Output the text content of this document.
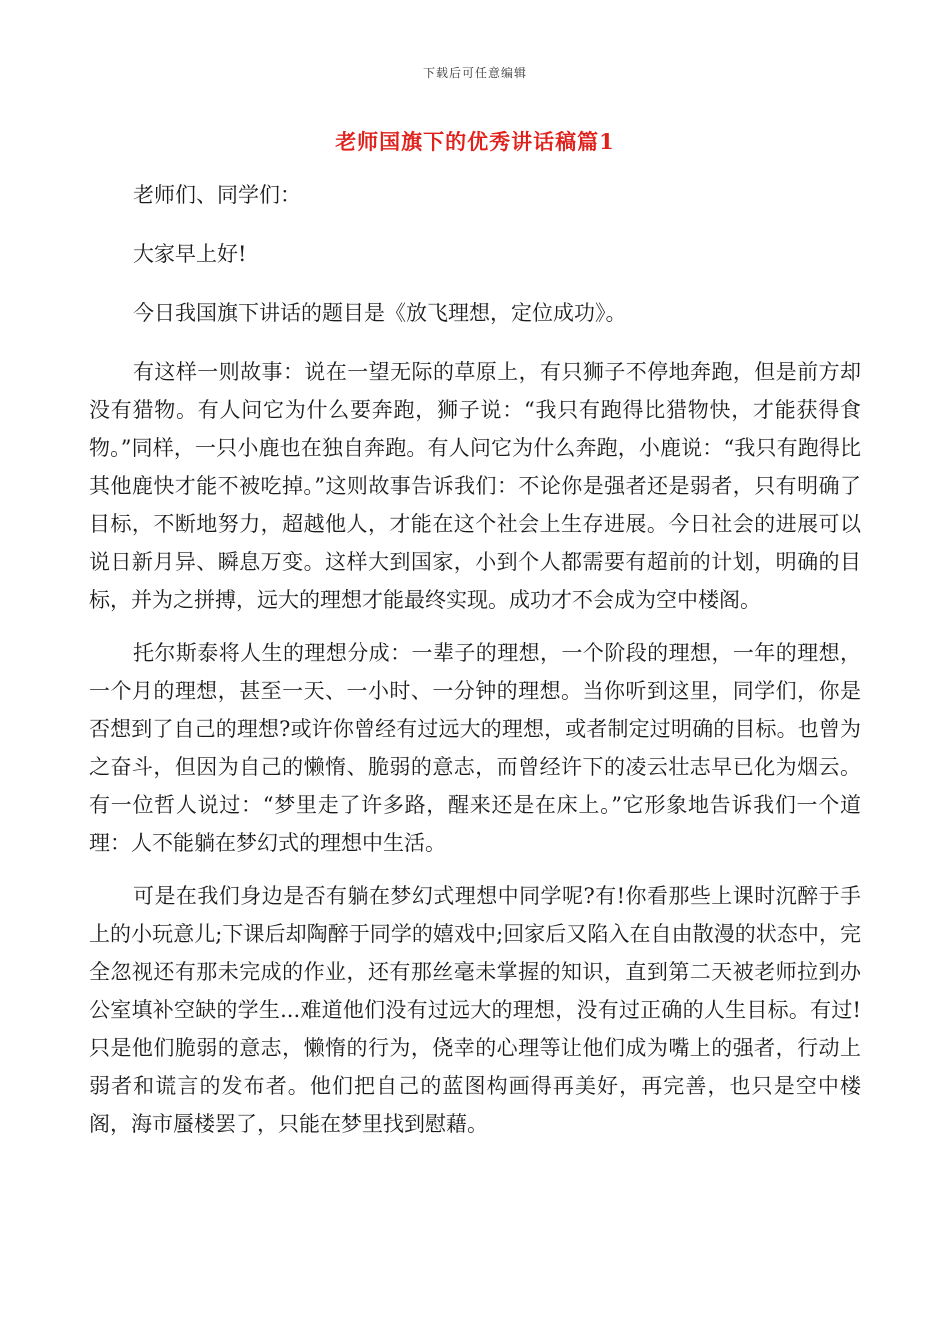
下载后可任意编辑
老师国旗下的优秀讲话稿篇1

老师们、同学们：

大家早上好!

今日我国旗下讲话的题目是《放飞理想，定位成功》。

有这样一则故事：说在一望无际的草原上，有只狮子不停地奔跑，但是前方却没有猎物。有人问它为什么要奔跑，狮子说：“我只有跑得比猎物快，才能获得食物。”同样，一只小鹿也在独自奔跑。有人问它为什么奔跑，小鹿说：“我只有跑得比其他鹿快才能不被吃掉。”这则故事告诉我们：不论你是强者还是弱者，只有明确了目标，不断地努力，超越他人，才能在这个社会上生存进展。今日社会的进展可以说日新月异、瞬息万变。这样大到国家，小到个人都需要有超前的计划，明确的目标，并为之拼搏，远大的理想才能最终实现。成功才不会成为空中楼阁。

托尔斯泰将人生的理想分成：一辈子的理想，一个阶段的理想，一年的理想，一个月的理想，甚至一天、一小时、一分钟的理想。当你听到这里，同学们，你是否想到了自己的理想?或许你曾经有过远大的理想，或者制定过明确的目标。也曾为之奋斗，但因为自己的懒惰、脆弱的意志，而曾经许下的凌云壮志早已化为烟云。有一位哲人说过：“梦里走了许多路，醒来还是在床上。”它形象地告诉我们一个道理：人不能躺在梦幻式的理想中生活。

可是在我们身边是否有躺在梦幻式理想中同学呢?有!你看那些上课时沉醉于手上的小玩意儿;下课后却陶醉于同学的嬉戏中;回家后又陷入在自由散漫的状态中，完全忽视还有那未完成的作业，还有那丝毫未掌握的知识，直到第二天被老师拉到办公室填补空缺的学生...难道他们没有过远大的理想，没有过正确的人生目标。有过!只是他们脆弱的意志，懒惰的行为，侥幸的心理等让他们成为嘴上的强者，行动上弱者和谎言的发布者。他们把自己的蓝图构画得再美好，再完善，也只是空中楼阁，海市蜃楼罢了，只能在梦里找到慰藉。
